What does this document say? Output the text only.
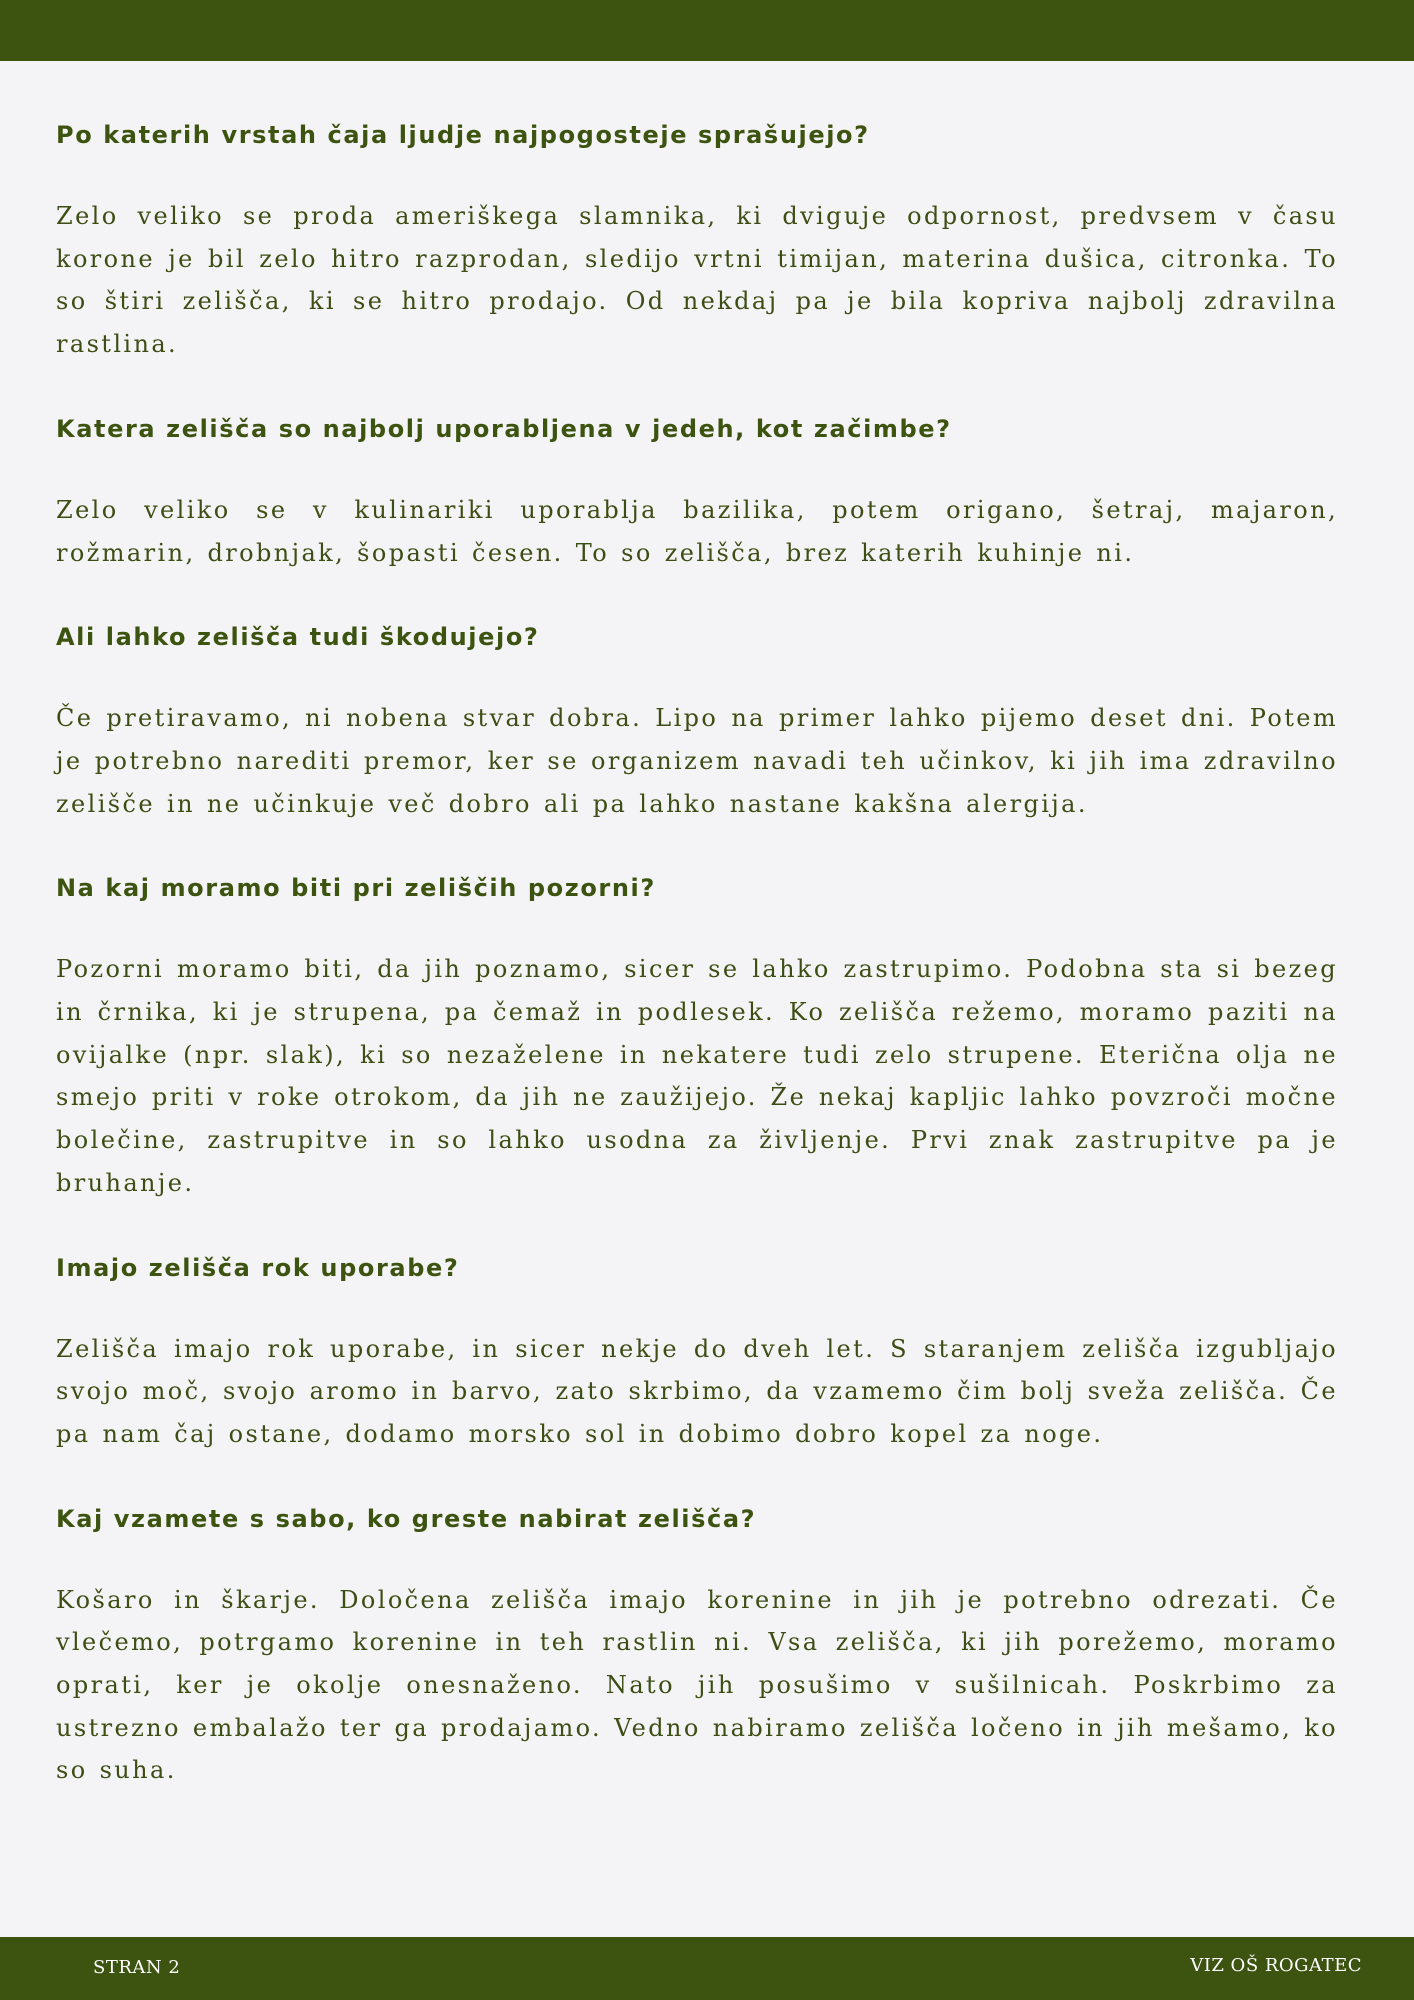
Po katerih vrstah čaja ljudje najpogosteje sprašujejo?

Zelo veliko se proda ameriškega slamnika, ki dviguje odpornost, predvsem v času korone je bil zelo hitro razprodan, sledijo vrtni timijan, materina dušica, citronka. To so štiri zelišča, ki se hitro prodajo. Od nekdaj pa je bila kopriva najbolj zdravilna rastlina.

Katera zelišča so najbolj uporabljena v jedeh, kot začimbe?

Zelo veliko se v kulinariki uporablja bazilika, potem origano, šetraj, majaron, rožmarin, drobnjak, šopasti česen. To so zelišča, brez katerih kuhinje ni.

Ali lahko zelišča tudi škodujejo?

Če pretiravamo, ni nobena stvar dobra. Lipo na primer lahko pijemo deset dni. Potem je potrebno narediti premor, ker se organizem navadi teh učinkov, ki jih ima zdravilno zelišče in ne učinkuje več dobro ali pa lahko nastane kakšna alergija.

Na kaj moramo biti pri zeliščih pozorni?

Pozorni moramo biti, da jih poznamo, sicer se lahko zastrupimo. Podobna sta si bezeg in črnika, ki je strupena, pa čemaž in podlesek. Ko zelišča režemo, moramo paziti na ovijalke (npr. slak), ki so nezaželene in nekatere tudi zelo strupene. Eterična olja ne smejo priti v roke otrokom, da jih ne zaužijejo. Že nekaj kapljic lahko povzroči močne bolečine, zastrupitve in so lahko usodna za življenje. Prvi znak zastrupitve pa je bruhanje.

Imajo zelišča rok uporabe?

Zelišča imajo rok uporabe, in sicer nekje do dveh let. S staranjem zelišča izgubljajo svojo moč, svojo aromo in barvo, zato skrbimo, da vzamemo čim bolj sveža zelišča. Če pa nam čaj ostane, dodamo morsko sol in dobimo dobro kopel za noge.

Kaj vzamete s sabo, ko greste nabirat zelišča?

Košaro in škarje. Določena zelišča imajo korenine in jih je potrebno odrezati. Če vlečemo, potrgamo korenine in teh rastlin ni. Vsa zelišča, ki jih porežemo, moramo oprati, ker je okolje onesnaženo. Nato jih posušimo v sušilnicah. Poskrbimo za ustrezno embalažo ter ga prodajamo. Vedno nabiramo zelišča ločeno in jih mešamo, ko so suha.

STRAN 2	VIZ OŠ ROGATEC
